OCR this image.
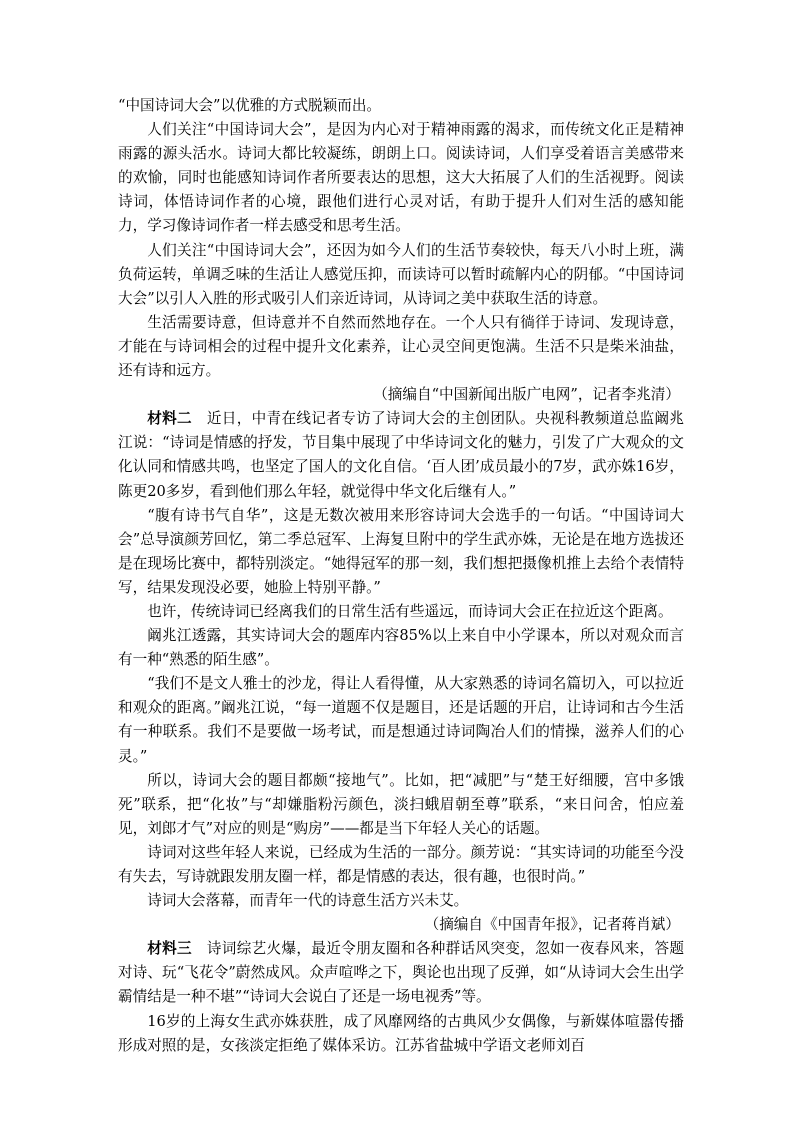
“中国诗词大会”以优雅的方式脱颖而出。

人们关注“中国诗词大会”，是因为内心对于精神雨露的渴求，而传统文化正是精神雨露的源头活水。诗词大都比较凝练，朗朗上口。阅读诗词，人们享受着语言美感带来的欢愉，同时也能感知诗词作者所要表达的思想，这大大拓展了人们的生活视野。阅读诗词，体悟诗词作者的心境，跟他们进行心灵对话，有助于提升人们对生活的感知能力，学习像诗词作者一样去感受和思考生活。

人们关注“中国诗词大会”，还因为如今人们的生活节奏较快，每天八小时上班，满负荷运转，单调乏味的生活让人感觉压抑，而读诗可以暂时疏解内心的阴郁。“中国诗词大会”以引人入胜的形式吸引人们亲近诗词，从诗词之美中获取生活的诗意。

生活需要诗意，但诗意并不自然而然地存在。一个人只有徜徉于诗词、发现诗意，才能在与诗词相会的过程中提升文化素养，让心灵空间更饱满。生活不只是柴米油盐，还有诗和远方。

（摘编自“中国新闻出版广电网”，记者李兆清）

材料二　 近日，中青在线记者专访了诗词大会的主创团队。央视科教频道总监阚兆江说：“诗词是情感的抒发，节目集中展现了中华诗词文化的魅力，引发了广大观众的文化认同和情感共鸣，也坚定了国人的文化自信。‘百人团’成员最小的7岁，武亦姝16岁，陈更20多岁，看到他们那么年轻，就觉得中华文化后继有人。”

“腹有诗书气自华”，这是无数次被用来形容诗词大会选手的一句话。“中国诗词大会”总导演颜芳回忆，第二季总冠军、上海复旦附中的学生武亦姝，无论是在地方选拔还是在现场比赛中，都特别淡定。“她得冠军的那一刻，我们想把摄像机推上去给个表情特写，结果发现没必要，她脸上特别平静。”

也许，传统诗词已经离我们的日常生活有些遥远，而诗词大会正在拉近这个距离。

阚兆江透露，其实诗词大会的题库内容85%以上来自中小学课本，所以对观众而言有一种“熟悉的陌生感”。

“我们不是文人雅士的沙龙，得让人看得懂，从大家熟悉的诗词名篇切入，可以拉近和观众的距离。”阚兆江说，“每一道题不仅是题目，还是话题的开启，让诗词和古今生活有一种联系。我们不是要做一场考试，而是想通过诗词陶冶人们的情操，滋养人们的心灵。”

所以，诗词大会的题目都颇“接地气”。比如，把“减肥”与“楚王好细腰，宫中多饿死”联系，把“化妆”与“却嫌脂粉污颜色，淡扫蛾眉朝至尊”联系，“来日问舍，怕应羞见，刘郎才气”对应的则是“购房”——都是当下年轻人关心的话题。

诗词对这些年轻人来说，已经成为生活的一部分。颜芳说：“其实诗词的功能至今没有失去，写诗就跟发朋友圈一样，都是情感的表达，很有趣，也很时尚。”

诗词大会落幕，而青年一代的诗意生活方兴未艾。

（摘编自《中国青年报》，记者蒋肖斌）

材料三　 诗词综艺火爆，最近令朋友圈和各种群话风突变，忽如一夜春风来，答题对诗、玩“飞花令”蔚然成风。众声喧哗之下，舆论也出现了反弹，如“从诗词大会生出学霸情结是一种不堪”“诗词大会说白了还是一场电视秀”等。

16岁的上海女生武亦姝获胜，成了风靡网络的古典风少女偶像，与新媒体喧嚣传播形成对照的是，女孩淡定拒绝了媒体采访。江苏省盐城中学语文老师刘百
